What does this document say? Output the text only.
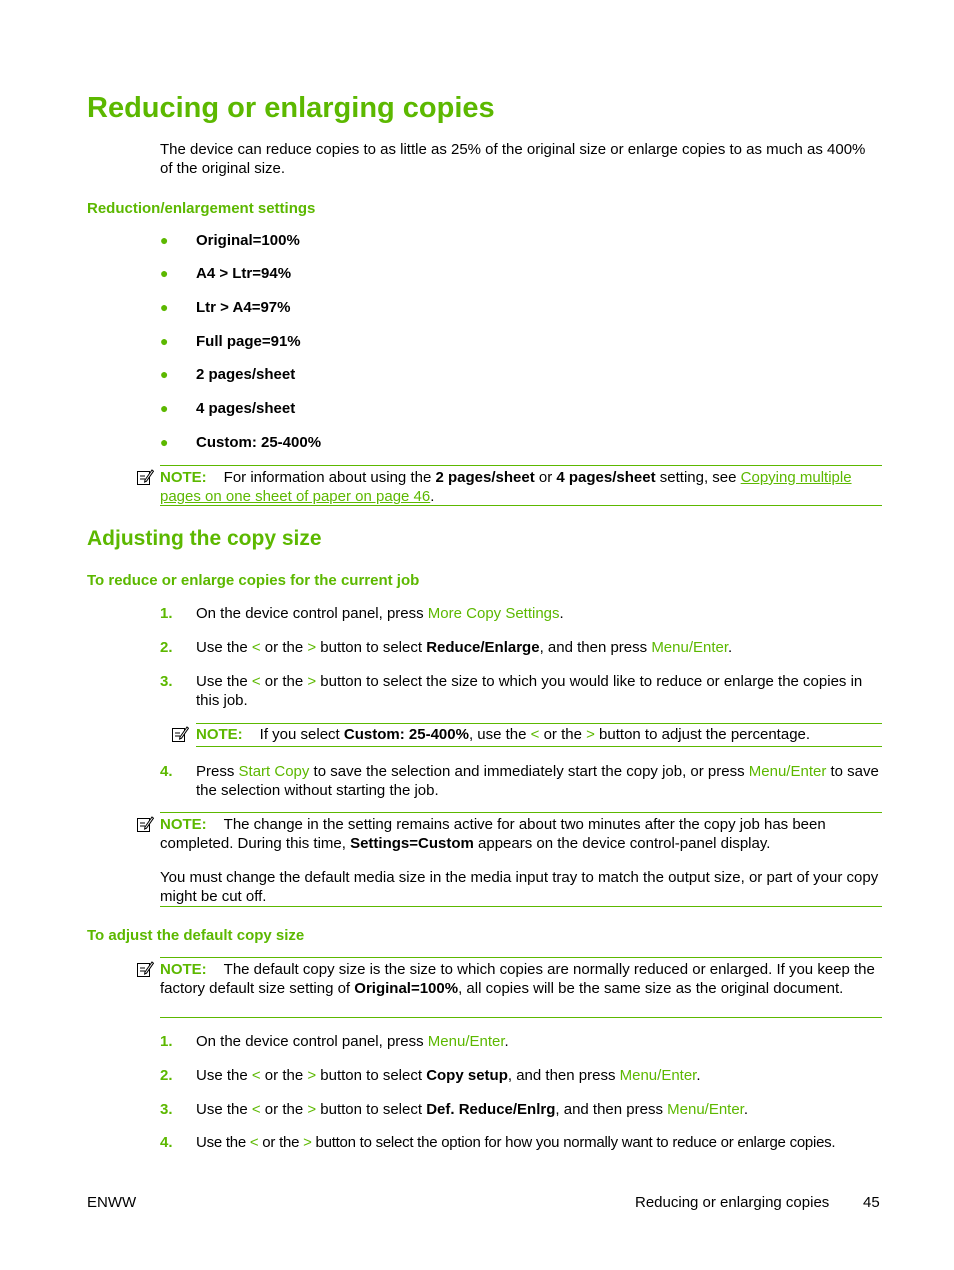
Reducing or enlarging copies
The device can reduce copies to as little as 25% of the original size or enlarge copies to as much as 400% of the original size.
Reduction/enlargement settings
● Original=100%
● A4 > Ltr=94%
● Ltr > A4=97%
● Full page=91%
● 2 pages/sheet
● 4 pages/sheet
● Custom: 25-400%
NOTE: For information about using the 2 pages/sheet or 4 pages/sheet setting, see Copying multiple pages on one sheet of paper on page 46.
Adjusting the copy size
To reduce or enlarge copies for the current job
1. On the device control panel, press More Copy Settings.
2. Use the < or the > button to select Reduce/Enlarge, and then press Menu/Enter.
3. Use the < or the > button to select the size to which you would like to reduce or enlarge the copies in this job.
NOTE: If you select Custom: 25-400%, use the < or the > button to adjust the percentage.
4. Press Start Copy to save the selection and immediately start the copy job, or press Menu/Enter to save the selection without starting the job.
NOTE: The change in the setting remains active for about two minutes after the copy job has been completed. During this time, Settings=Custom appears on the device control-panel display.
You must change the default media size in the media input tray to match the output size, or part of your copy might be cut off.
To adjust the default copy size
NOTE: The default copy size is the size to which copies are normally reduced or enlarged. If you keep the factory default size setting of Original=100%, all copies will be the same size as the original document.
1. On the device control panel, press Menu/Enter.
2. Use the < or the > button to select Copy setup, and then press Menu/Enter.
3. Use the < or the > button to select Def. Reduce/Enlrg, and then press Menu/Enter.
4. Use the < or the > button to select the option for how you normally want to reduce or enlarge copies.
ENWW	Reducing or enlarging copies 45
